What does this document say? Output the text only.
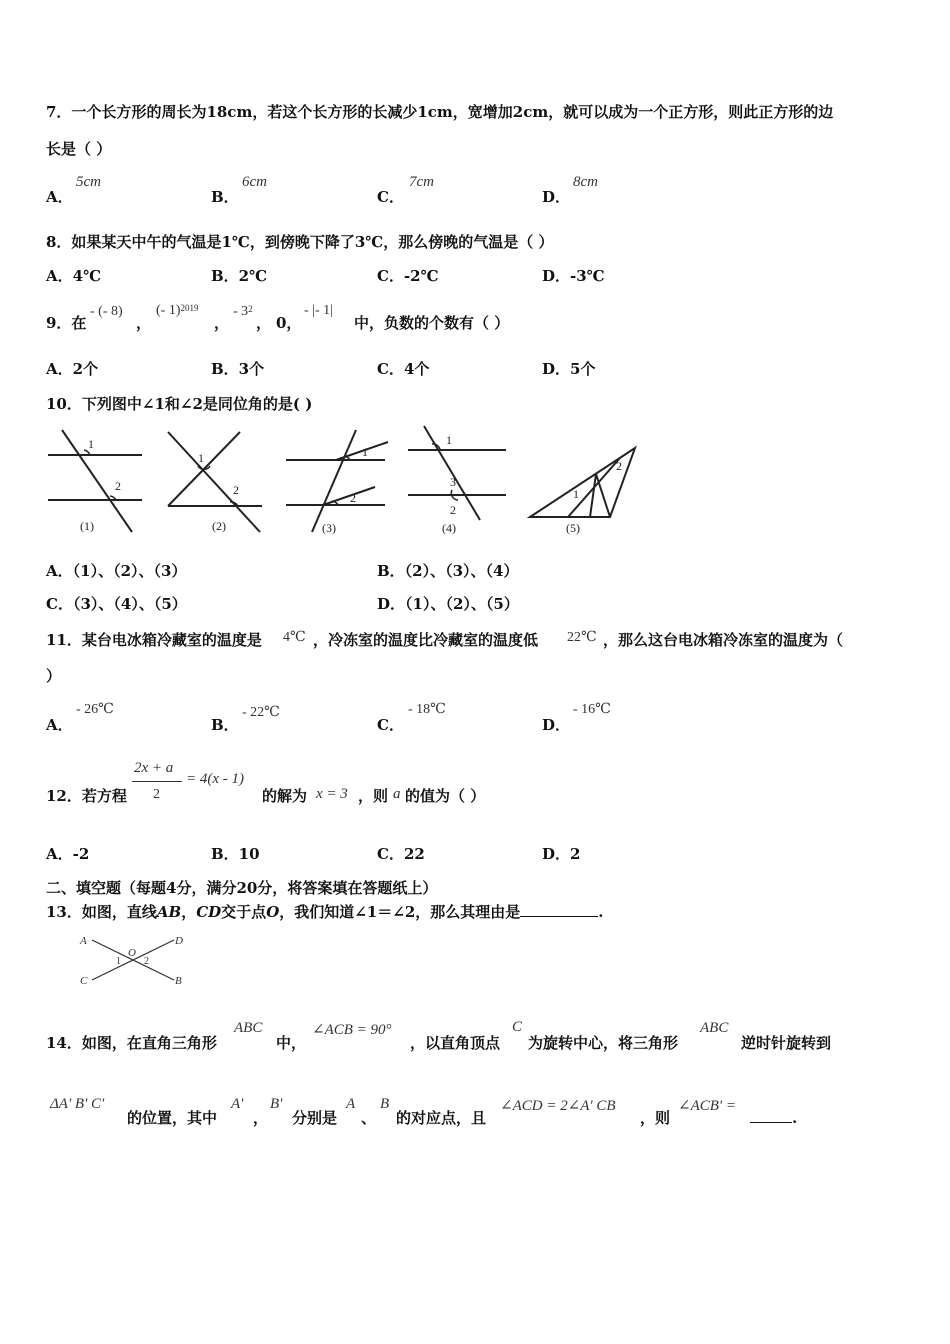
7．一个长方形的周长为18cm，若这个长方形的长减少1cm，宽增加2cm，就可以成为一个正方形，则此正方形的边
长是（ ）
A．
5cm
B．
6cm
C．
7cm
D．
8cm
8．如果某天中午的气温是1℃，到傍晚下降了3℃，那么傍晚的气温是（ ）
A．4℃	B．2℃	C．-2℃	D．-3℃
9．在
- (- 8)
，
(- 1)$^{2019}$
，
- $3^2$
， 0，
- |- 1|
中，负数的个数有（ ）
A．2个	B．3个	C．4个	D．5个
10．下列图中∠1和∠2是同位角的是( )
1
2
(1)
1
2
(2)
1
2
(3)
1
3
2
(4)
1
2
(5)
A．（1）、（2）、（3）	B．（2）、（3）、（4）
C．（3）、（4）、（5）	D．（1）、（2）、（5）
11．某台电冰箱冷藏室的温度是 4℃ ，冷冻室的温度比冷藏室的温度低 22℃ ，那么这台电冰箱冷冻室的温度为（
）
A．
- 26℃
B．
- 22℃
C．
- 18℃
D．
- 16℃
12．若方程
2x + a
2
= 4(x - 1)
的解为 x = 3 ，则 a 的值为（ ）
A．-2	B．10	C．22	D．2
二、填空题（每题4分，满分20分，将答案填在答题纸上）
13．如图，直线AB，CD交于点O，我们知道∠1＝∠2，那么其理由是	.
A	D
C	B
O
1 2
14．如图，在直角三角形
ABC
中，
∠ACB = 90°
，以直角顶点
C
为旋转中心，将三角形
ABC
逆时针旋转到
ΔA' B' C'
的位置，其中
A'
，
B'
分别是
A
、
B
的对应点，且
∠ACD = 2∠A' CB
，则
∠ACB' =
.
